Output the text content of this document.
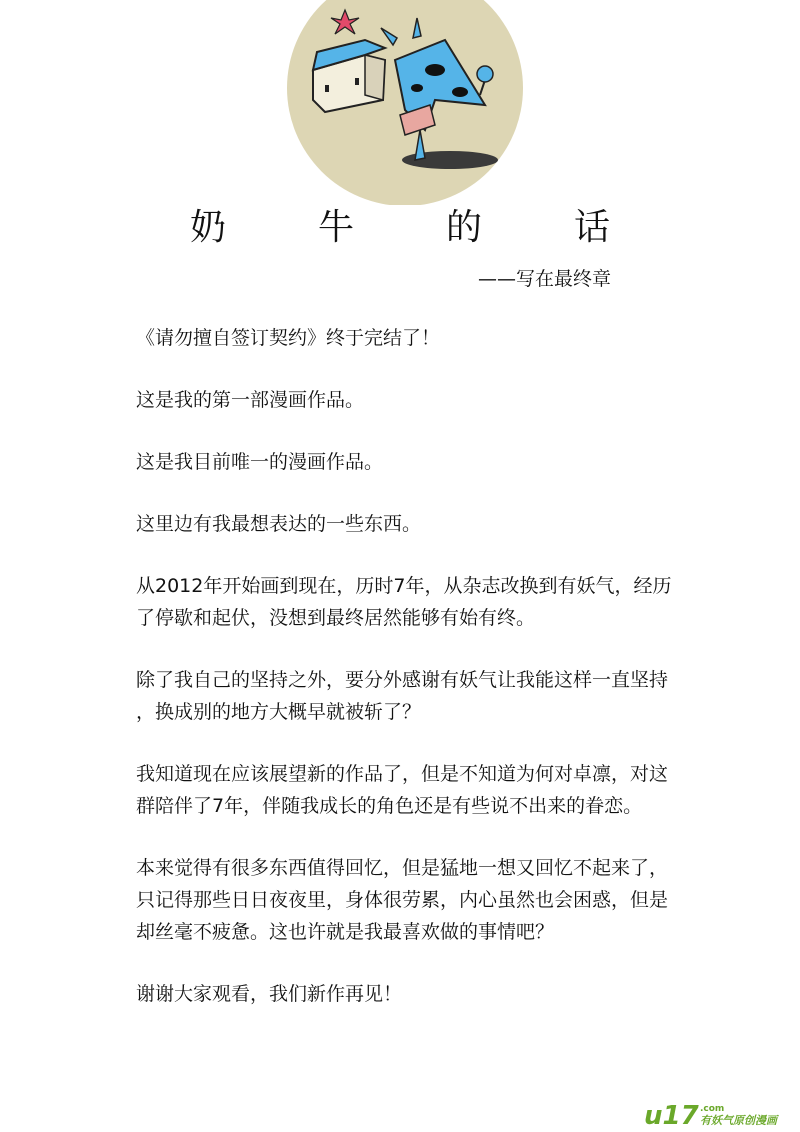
奶	牛	的	话
——写在最终章

《请勿擅自签订契约》终于完结了！

这是我的第一部漫画作品。

这是我目前唯一的漫画作品。

这里边有我最想表达的一些东西。

从2012年开始画到现在，历时7年，从杂志改换到有妖气，经历
了停歇和起伏，没想到最终居然能够有始有终。

除了我自己的坚持之外，要分外感谢有妖气让我能这样一直坚持
，换成别的地方大概早就被斩了？

我知道现在应该展望新的作品了，但是不知道为何对卓凛，对这
群陪伴了7年，伴随我成长的角色还是有些说不出来的眷恋。

本来觉得有很多东西值得回忆，但是猛地一想又回忆不起来了，
只记得那些日日夜夜里，身体很劳累，内心虽然也会困惑，但是
却丝毫不疲惫。这也许就是我最喜欢做的事情吧？

谢谢大家观看，我们新作再见！

u17 .com
有妖气原创漫画
